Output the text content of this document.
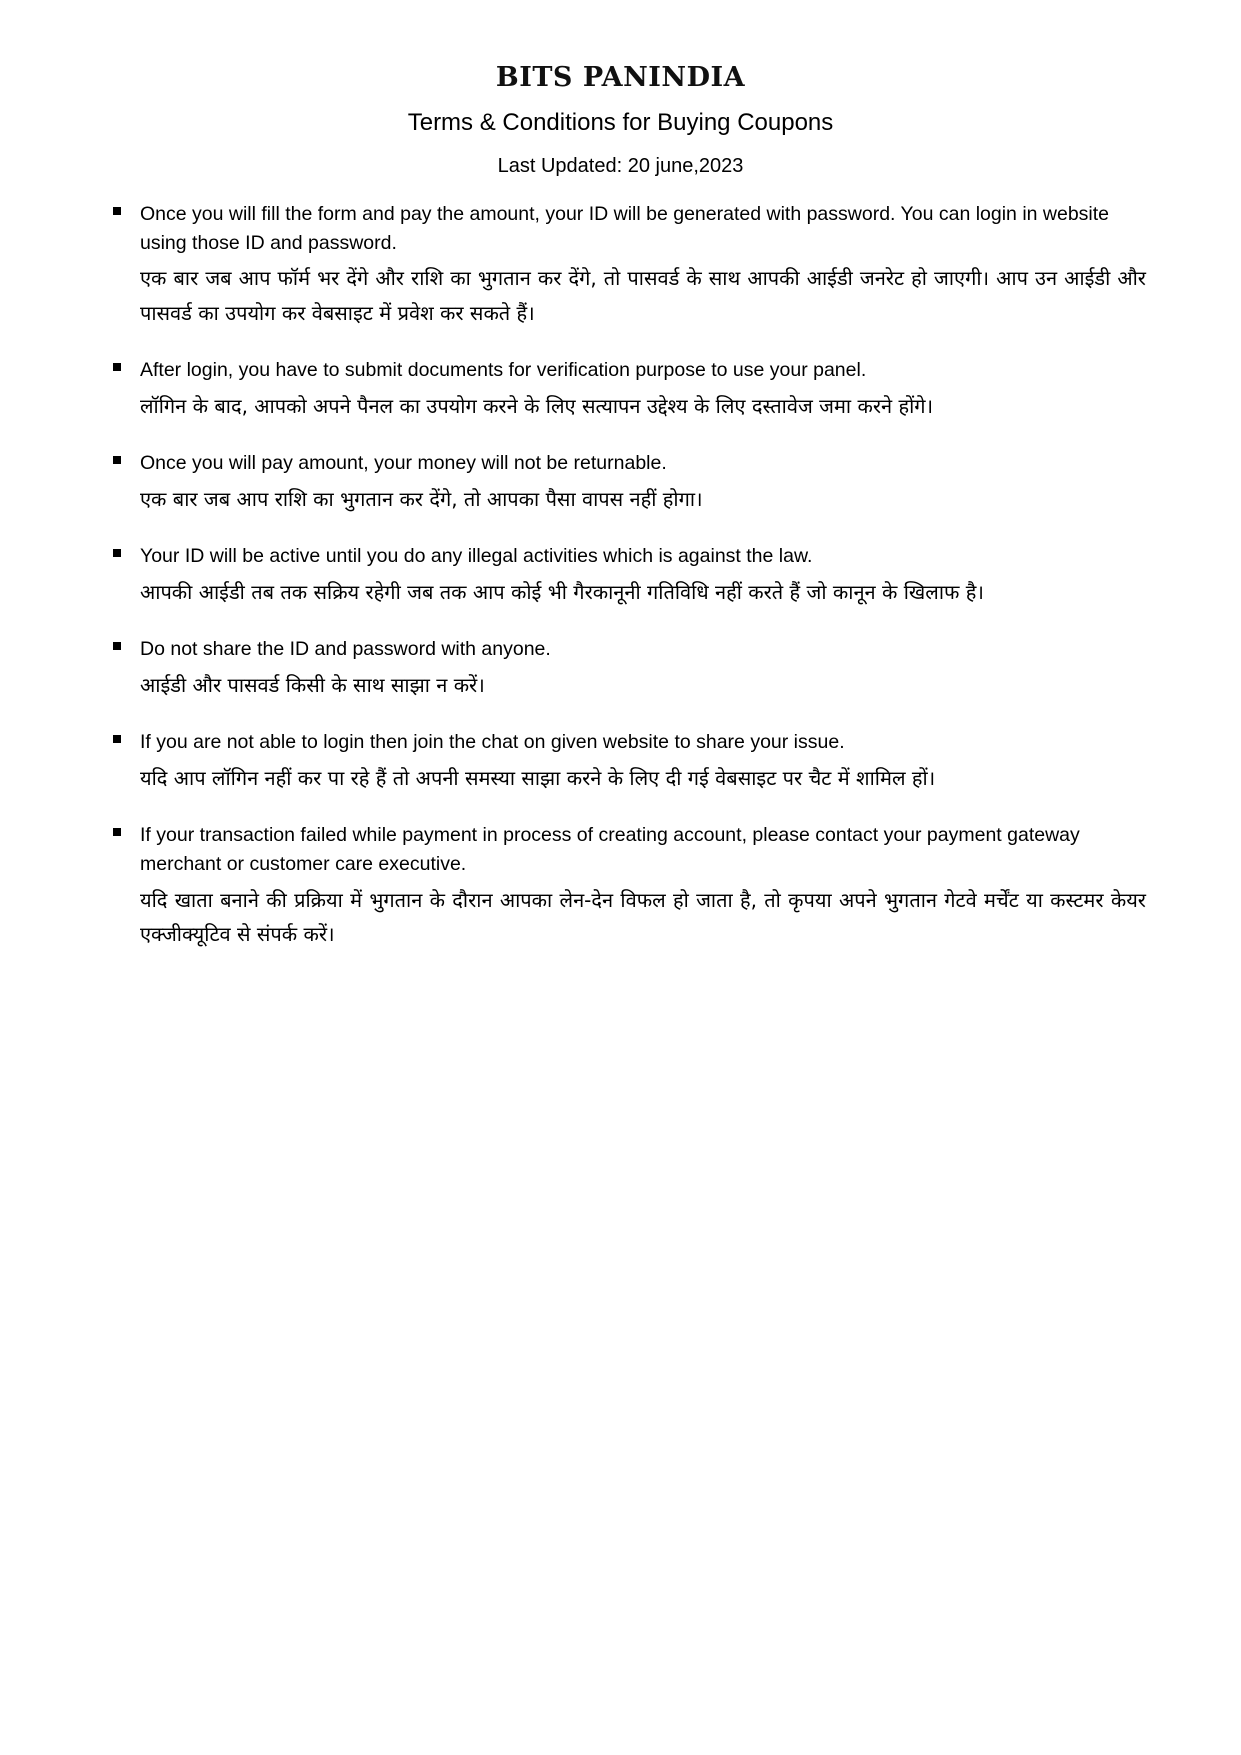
BITS PANINDIA
Terms & Conditions for Buying Coupons
Last Updated: 20 june,2023

Once you will fill the form and pay the amount, your ID will be generated with password. You can login in website using those ID and password.

एक बार जब आप फॉर्म भर देंगे और राशि का भुगतान कर देंगे, तो पासवर्ड के साथ आपकी आईडी जनरेट हो जाएगी। आप उन आईडी और पासवर्ड का उपयोग कर वेबसाइट में प्रवेश कर सकते हैं।

After login, you have to submit documents for verification purpose to use your panel.

लॉगिन के बाद, आपको अपने पैनल का उपयोग करने के लिए सत्यापन उद्देश्य के लिए दस्तावेज जमा करने होंगे।

Once you will pay amount, your money will not be returnable.

एक बार जब आप राशि का भुगतान कर देंगे, तो आपका पैसा वापस नहीं होगा।

Your ID will be active until you do any illegal activities which is against the law.

आपकी आईडी तब तक सक्रिय रहेगी जब तक आप कोई भी गैरकानूनी गतिविधि नहीं करते हैं जो कानून के खिलाफ है।

Do not share the ID and password with anyone.

आईडी और पासवर्ड किसी के साथ साझा न करें।

If you are not able to login then join the chat on given website to share your issue.

यदि आप लॉगिन नहीं कर पा रहे हैं तो अपनी समस्या साझा करने के लिए दी गई वेबसाइट पर चैट में शामिल हों।

If your transaction failed while payment in process of creating account, please contact your payment gateway merchant or customer care executive.

यदि खाता बनाने की प्रक्रिया में भुगतान के दौरान आपका लेन-देन विफल हो जाता है, तो कृपया अपने भुगतान गेटवे मर्चेंट या कस्टमर केयर एक्जीक्यूटिव से संपर्क करें।
